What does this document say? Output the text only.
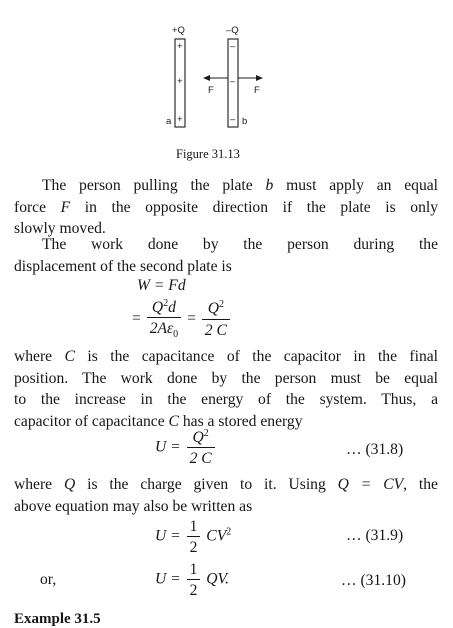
+Q	–Q
a	b
F	F
+
+
+
–
–
–
Figure 31.13
The person pulling the plate b must apply an equal
force F in the opposite direction if the plate is only
slowly moved.
The work done by the person during the
displacement of the second plate is
W = Fd
= $\frac{Q^2d}{2A\varepsilon_0} = \frac{Q^2}{2 C}$
where C is the capacitance of the capacitor in the final
position. The work done by the person must be equal
to the increase in the energy of the system. Thus, a
capacitor of capacitance C has a stored energy
$U = \frac{Q^2}{2 C}$	… (31.8)
where Q is the charge given to it. Using Q = CV, the
above equation may also be written as
$U = \frac{1}{2} CV^2$	… (31.9)
or,	$U = \frac{1}{2}$ QV.	… (31.10)
Example 31.5
